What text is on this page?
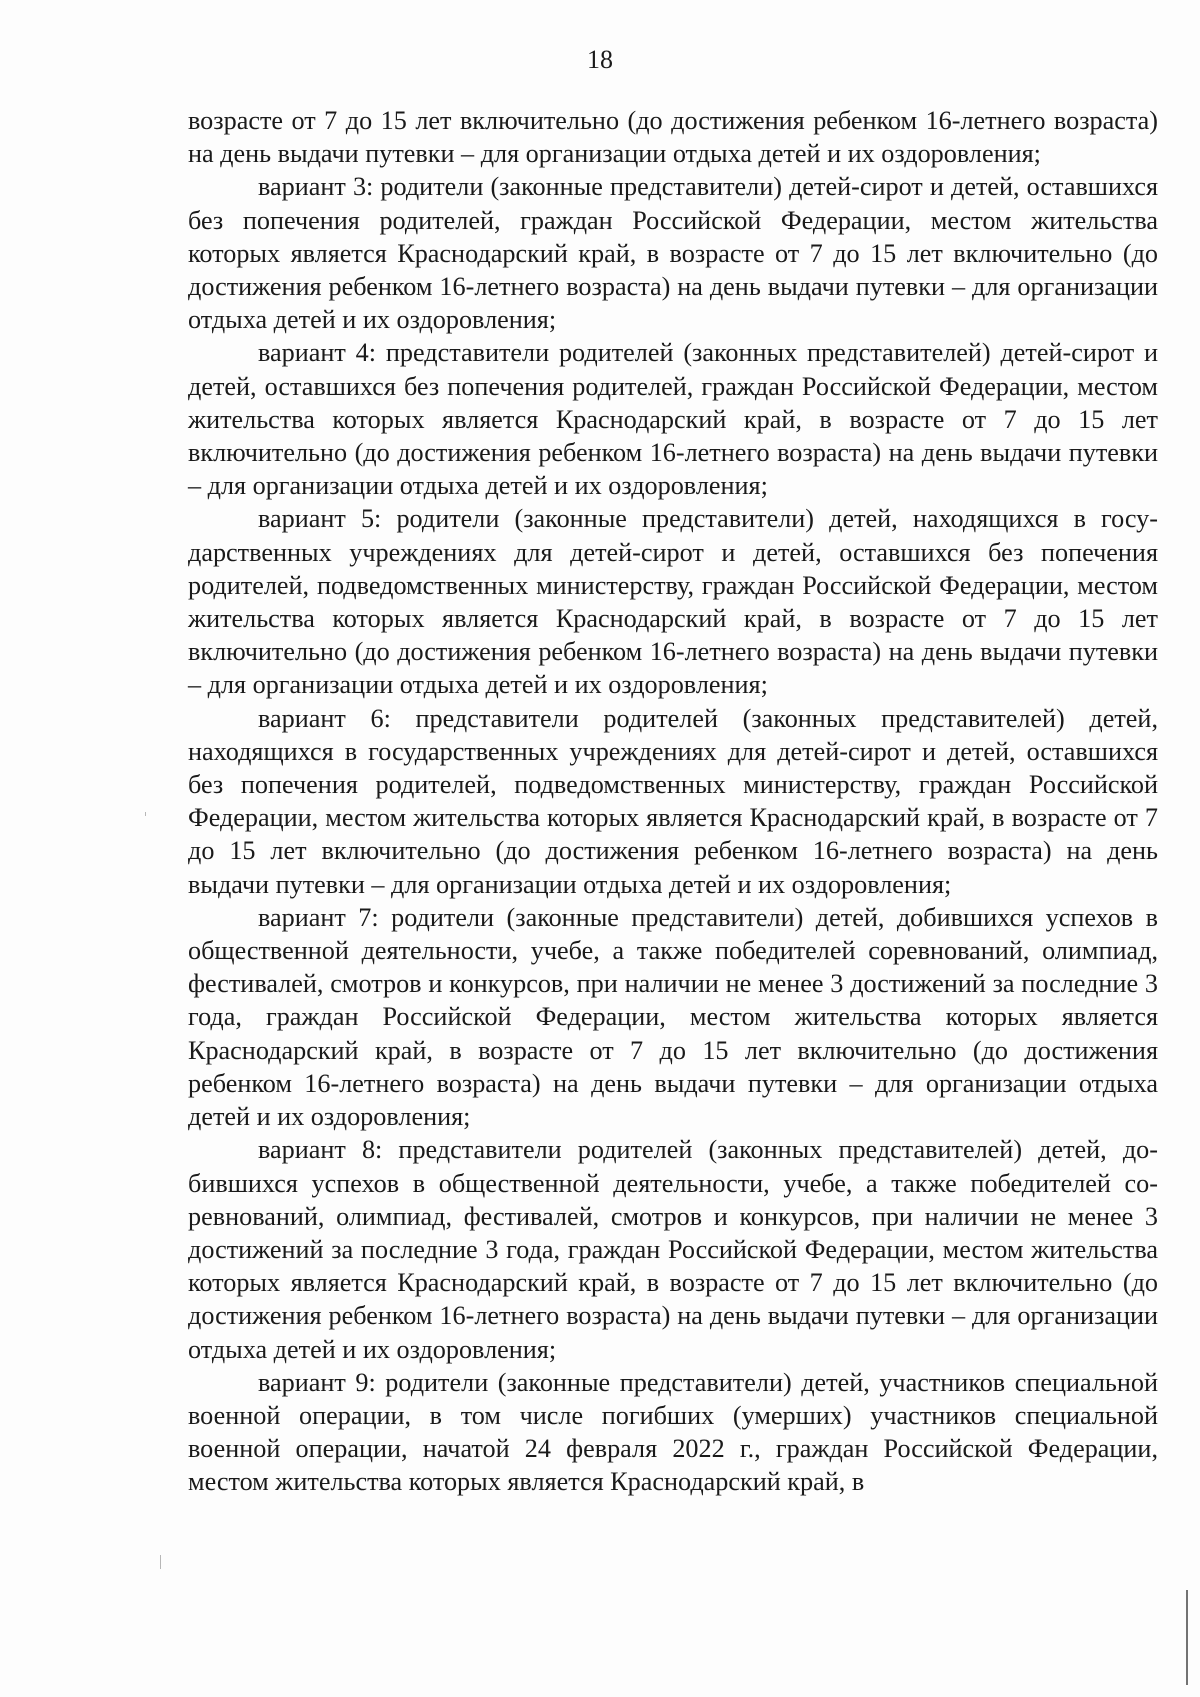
18

возрасте от 7 до 15 лет включительно (до достижения ребенком 16-летнего возраста) на день выдачи путевки – для организации отдыха детей и их оздоровления;

вариант 3: родители (законные представители) детей-сирот и детей, оставшихся без попечения родителей, граждан Российской Федерации, местом жительства которых является Краснодарский край, в возрасте от 7 до 15 лет включительно (до достижения ребенком 16-летнего возраста) на день выдачи путевки – для организации отдыха детей и их оздоровления;

вариант 4: представители родителей (законных представителей) детей-сирот и детей, оставшихся без попечения родителей, граждан Российской Федерации, местом жительства которых является Краснодарский край, в возрасте от 7 до 15 лет включительно (до достижения ребенком 16-летнего возраста) на день выдачи путевки – для организации отдыха детей и их оздоровления;

вариант 5: родители (законные представители) детей, находящихся в государственных учреждениях для детей-сирот и детей, оставшихся без попечения родителей, подведомственных министерству, граждан Российской Федерации, местом жительства которых является Краснодарский край, в возрасте от 7 до 15 лет включительно (до достижения ребенком 16-летнего возраста) на день выдачи путевки – для организации отдыха детей и их оздоровления;

вариант 6: представители родителей (законных представителей) детей, находящихся в государственных учреждениях для детей-сирот и детей, оставшихся без попечения родителей, подведомственных министерству, граждан Российской Федерации, местом жительства которых является Краснодарский край, в возрасте от 7 до 15 лет включительно (до достижения ребенком 16-летнего возраста) на день выдачи путевки – для организации отдыха детей и их оздоровления;

вариант 7: родители (законные представители) детей, добившихся успехов в общественной деятельности, учебе, а также победителей соревнований, олимпиад, фестивалей, смотров и конкурсов, при наличии не менее 3 достижений за последние 3 года, граждан Российской Федерации, местом жительства которых является Краснодарский край, в возрасте от 7 до 15 лет включительно (до достижения ребенком 16-летнего возраста) на день выдачи путевки – для организации отдыха детей и их оздоровления;

вариант 8: представители родителей (законных представителей) детей, добившихся успехов в общественной деятельности, учебе, а также победителей соревнований, олимпиад, фестивалей, смотров и конкурсов, при наличии не менее 3 достижений за последние 3 года, граждан Российской Федерации, местом жительства которых является Краснодарский край, в возрасте от 7 до 15 лет включительно (до достижения ребенком 16-летнего возраста) на день выдачи путевки – для организации отдыха детей и их оздоровления;

вариант 9: родители (законные представители) детей, участников специальной военной операции, в том числе погибших (умерших) участников специальной военной операции, начатой 24 февраля 2022 г., граждан Российской Федерации, местом жительства которых является Краснодарский край, в
